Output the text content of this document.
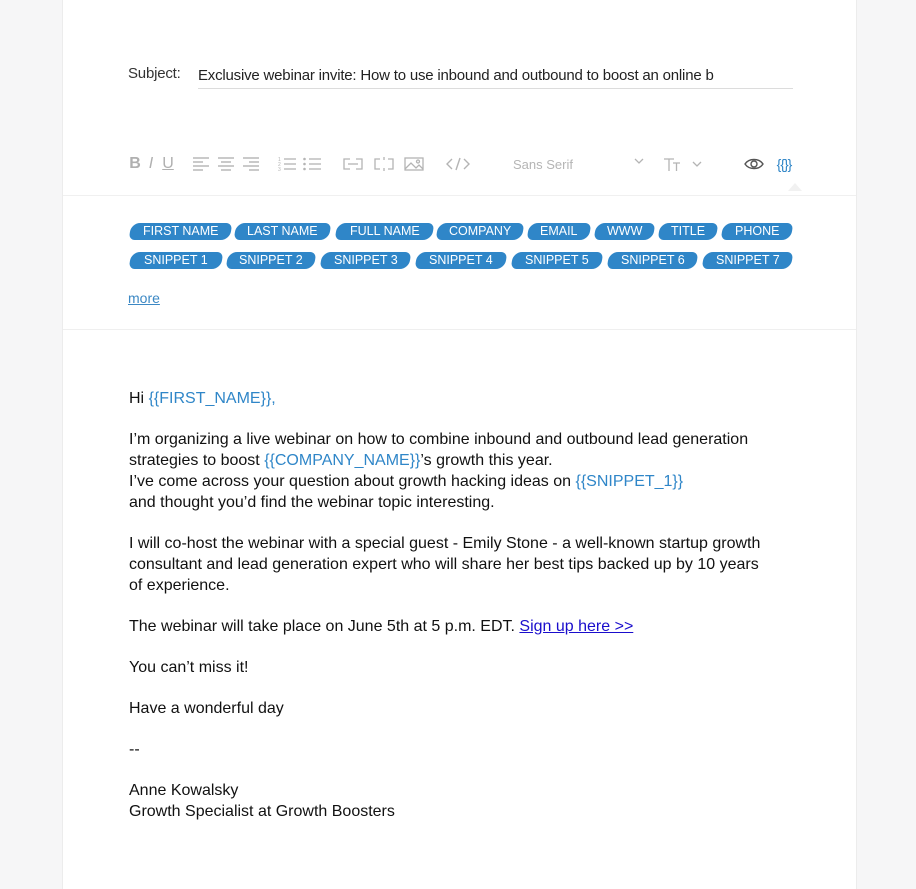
Subject:
Exclusive webinar invite: How to use inbound and outbound to boost an online b
B I U	1
2
3	Sans Serif	{{}}
FIRST NAME	LAST NAME	FULL NAME	COMPANY	EMAIL	WWW	TITLE	PHONE
SNIPPET 1	SNIPPET 2	SNIPPET 3	SNIPPET 4	SNIPPET 5	SNIPPET 6	SNIPPET 7
more

Hi {{FIRST_NAME}},

I’m organizing a live webinar on how to combine inbound and outbound lead generation strategies to boost {{COMPANY_NAME}}’s growth this year.
I’ve come across your question about growth hacking ideas on {{SNIPPET_1}}
and thought you’d find the webinar topic interesting.

I will co-host the webinar with a special guest - Emily Stone - a well-known startup growth consultant and lead generation expert who will share her best tips backed up by 10 years of experience.

The webinar will take place on June 5th at 5 p.m. EDT. Sign up here >>

You can’t miss it!

Have a wonderful day

--

Anne Kowalsky
Growth Specialist at Growth Boosters
